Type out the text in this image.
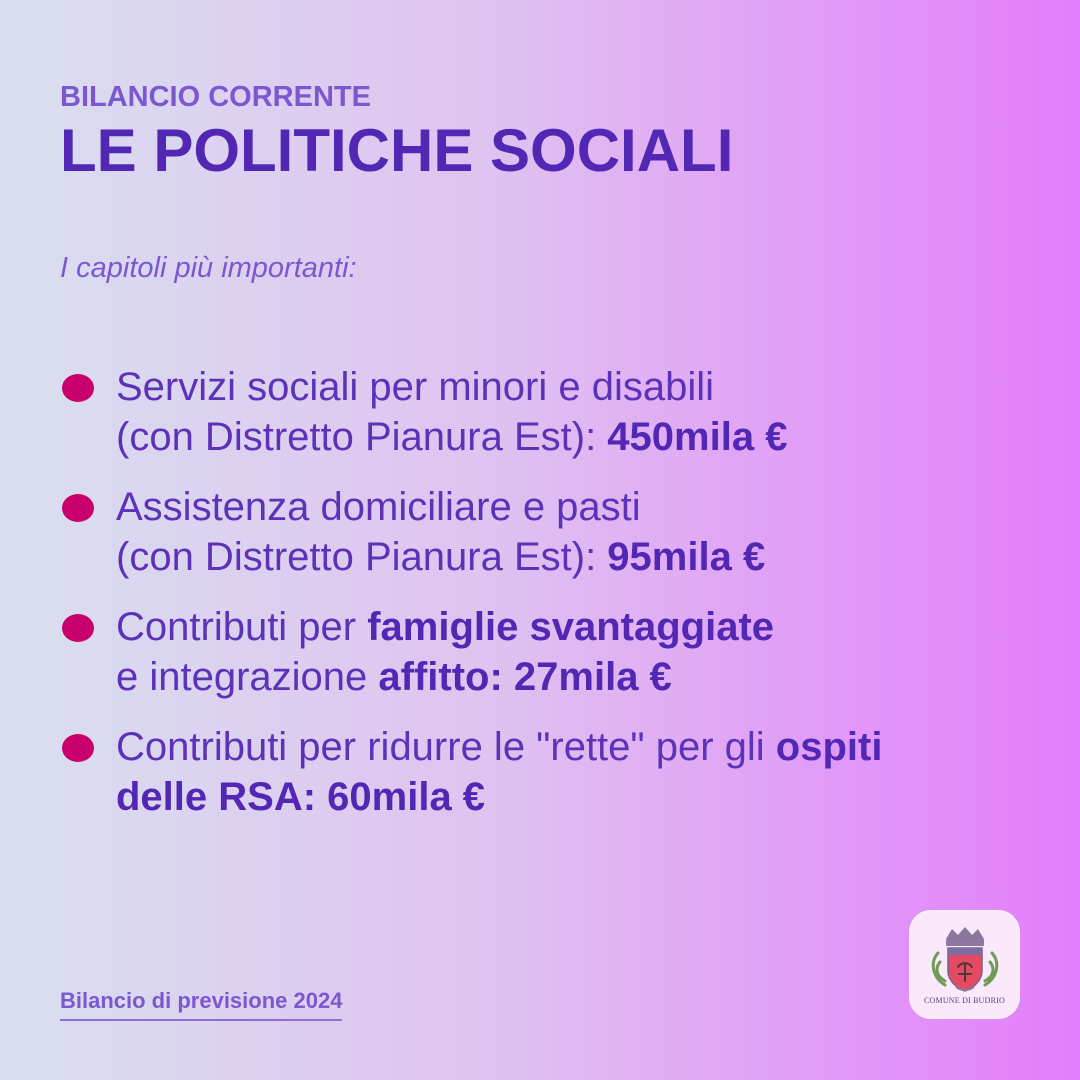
BILANCIO CORRENTE
LE POLITICHE SOCIALI
I capitoli più importanti:
Servizi sociali per minori e disabili
(con Distretto Pianura Est): 450mila €
Assistenza domiciliare e pasti
(con Distretto Pianura Est): 95mila €
Contributi per famiglie svantaggiate
e integrazione affitto: 27mila €
Contributi per ridurre le "rette" per gli ospiti
delle RSA: 60mila €
Bilancio di previsione 2024	COMUNE DI BUDRIO
